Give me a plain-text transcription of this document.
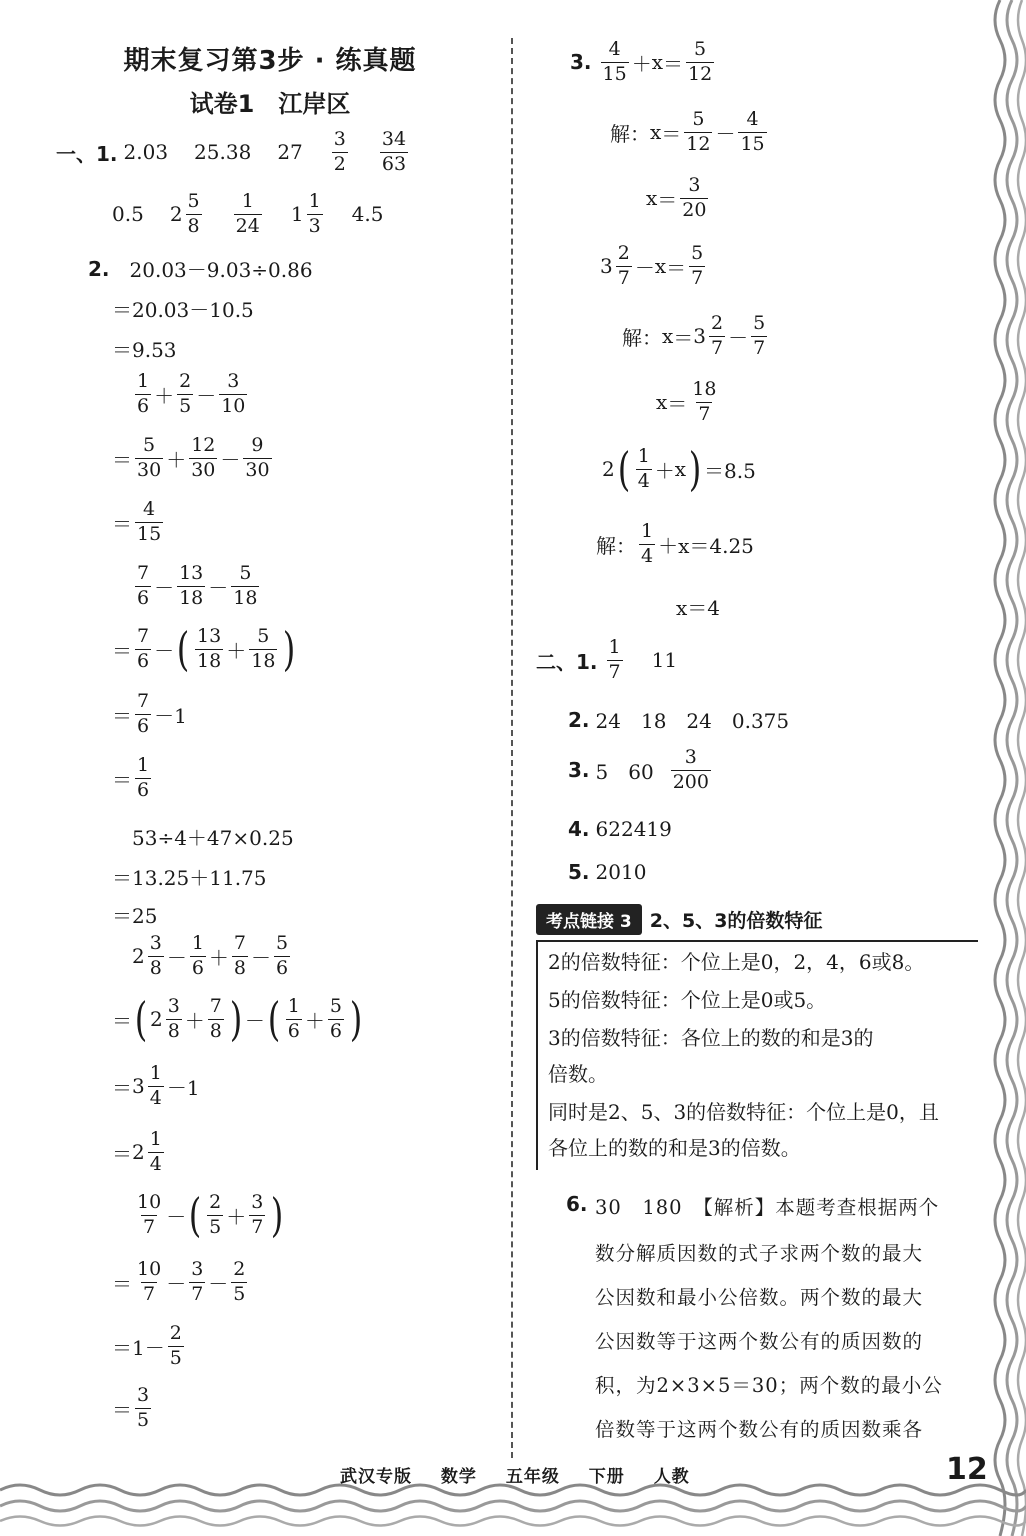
期末复习第3步 · 练真题
试卷1　江岸区
一、1. 2.03 25.38 $27 \frac{3}{2} \frac{34}{63}$
0.5 $2 \frac{5}{8} \frac{1}{24} 1 \frac{1}{3} 4.5$
2. 20.03－9.03÷0.86
＝20.03－10.5
＝9.53
$\frac{1}{6} + \frac{2}{5} - \frac{3}{10}$
＝ $\frac{5}{30} + \frac{12}{30} - \frac{9}{30}$
＝ $\frac{4}{15}$
$\frac{7}{6} - \frac{13}{18} - \frac{5}{18}$
＝ $\frac{7}{6}$ － ( $\frac{13}{18} + \frac{5}{18}$ )
＝ $\frac{7}{6} -1$
＝ $\frac{1}{6}$
53÷4＋47×0.25
＝13.25＋11.75
＝25
$2 \frac{3}{8} - \frac{1}{6} + \frac{7}{8} - \frac{5}{6}$
＝ ( $2 \frac{3}{8} + \frac{7}{8}$ ) － ( $\frac{1}{6} + \frac{5}{6}$ )
＝ $3 \frac{1}{4} -1$
＝ $2 \frac{1}{4}$
$\frac{10}{7}$ － ( $\frac{2}{5} + \frac{3}{7}$ )
＝ $\frac{10}{7} - \frac{3}{7} - \frac{2}{5}$
＝ $1- \frac{2}{5}$
＝ $\frac{3}{5}$
3. $\frac{4}{15} + x = \frac{5}{12}$
解： $x = \frac{5}{12} - \frac{4}{15}$
$x = \frac{3}{20}$
$3 \frac{2}{7} - x = \frac{5}{7}$
解： $x = 3 \frac{2}{7} - \frac{5}{7}$
$x = \frac{18}{7}$
2 ( $\frac{1}{4} + x$ ) ＝8.5
解： $\frac{1}{4} +x=4.25$
x＝4
二、1. $\frac{1}{7} 11$
2. 24　18　24　0.375
3. 5　$60 \frac{3}{200}$
4. 622419
5. 2010
考点链接 3 2、5、3的倍数特征
2的倍数特征：个位上是0，2，4，6或8。
5的倍数特征：个位上是0或5。
3的倍数特征：各位上的数的和是3的
倍数。
同时是2、5、3的倍数特征：个位上是0，且
各位上的数的和是3的倍数。
6. 30　180　【解析】本题考查根据两个
数分解质因数的式子求两个数的最大
公因数和最小公倍数。两个数的最大
公因数等于这两个数公有的质因数的
积，为2×3×5＝30；两个数的最小公
倍数等于这两个数公有的质因数乘各
武汉专版 数学 五年级 下册 人教	12
